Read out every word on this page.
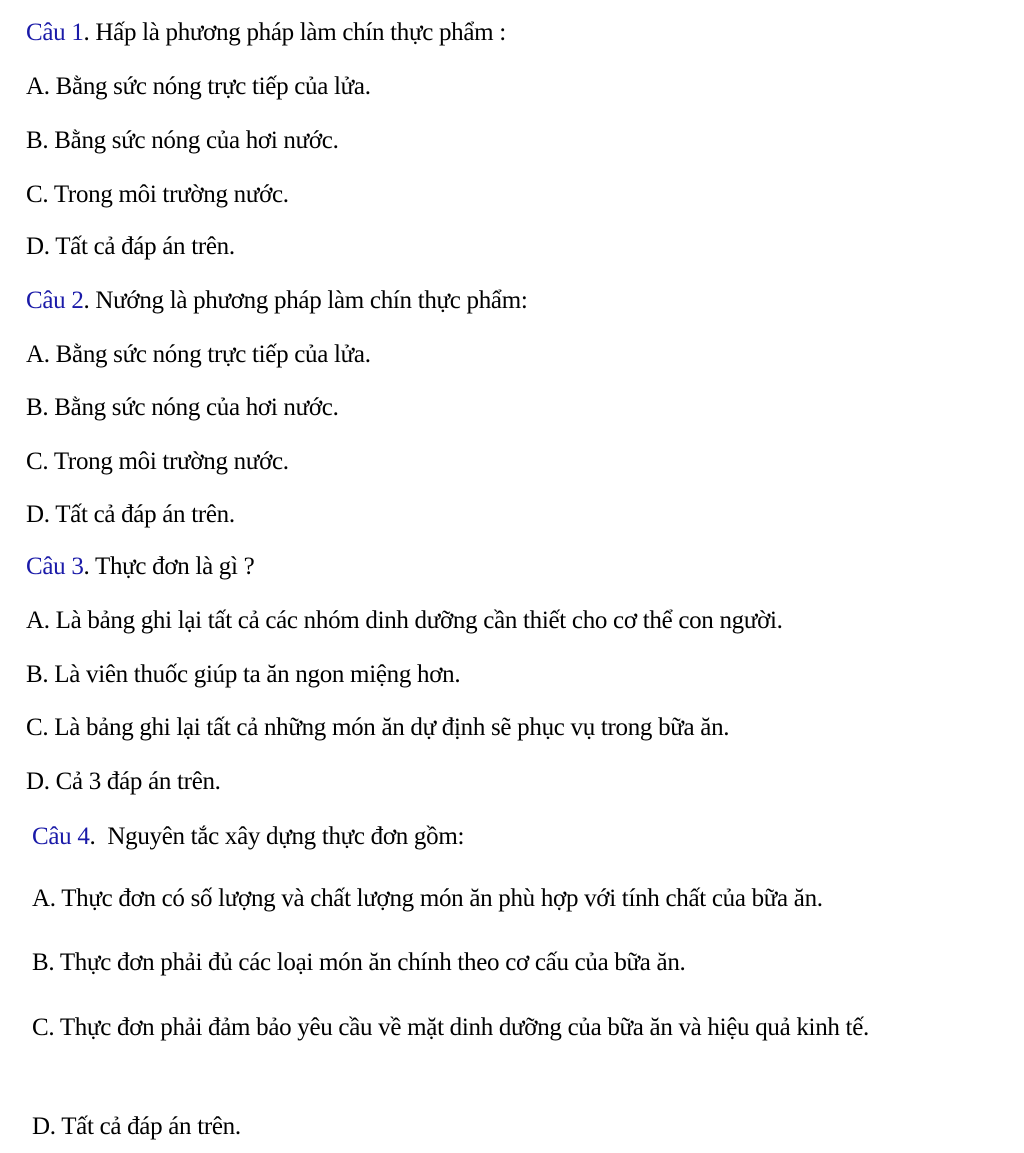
Câu 1. Hấp là phương pháp làm chín thực phẩm :
A. Bằng sức nóng trực tiếp của lửa.
B. Bằng sức nóng của hơi nước.
C. Trong môi trường nước.
D. Tất cả đáp án trên.
Câu 2. Nướng là phương pháp làm chín thực phẩm:
A. Bằng sức nóng trực tiếp của lửa.
B. Bằng sức nóng của hơi nước.
C. Trong môi trường nước.
D. Tất cả đáp án trên.
Câu 3. Thực đơn là gì ?
A. Là bảng ghi lại tất cả các nhóm dinh dưỡng cần thiết cho cơ thể con người.
B. Là viên thuốc giúp ta ăn ngon miệng hơn.
C. Là bảng ghi lại tất cả những món ăn dự định sẽ phục vụ trong bữa ăn.
D. Cả 3 đáp án trên.
Câu 4.  Nguyên tắc xây dựng thực đơn gồm:
A. Thực đơn có số lượng và chất lượng món ăn phù hợp với tính chất của bữa ăn.
B. Thực đơn phải đủ các loại món ăn chính theo cơ cấu của bữa ăn.
C. Thực đơn phải đảm bảo yêu cầu về mặt dinh dưỡng của bữa ăn và hiệu quả kinh tế.
D. Tất cả đáp án trên.
